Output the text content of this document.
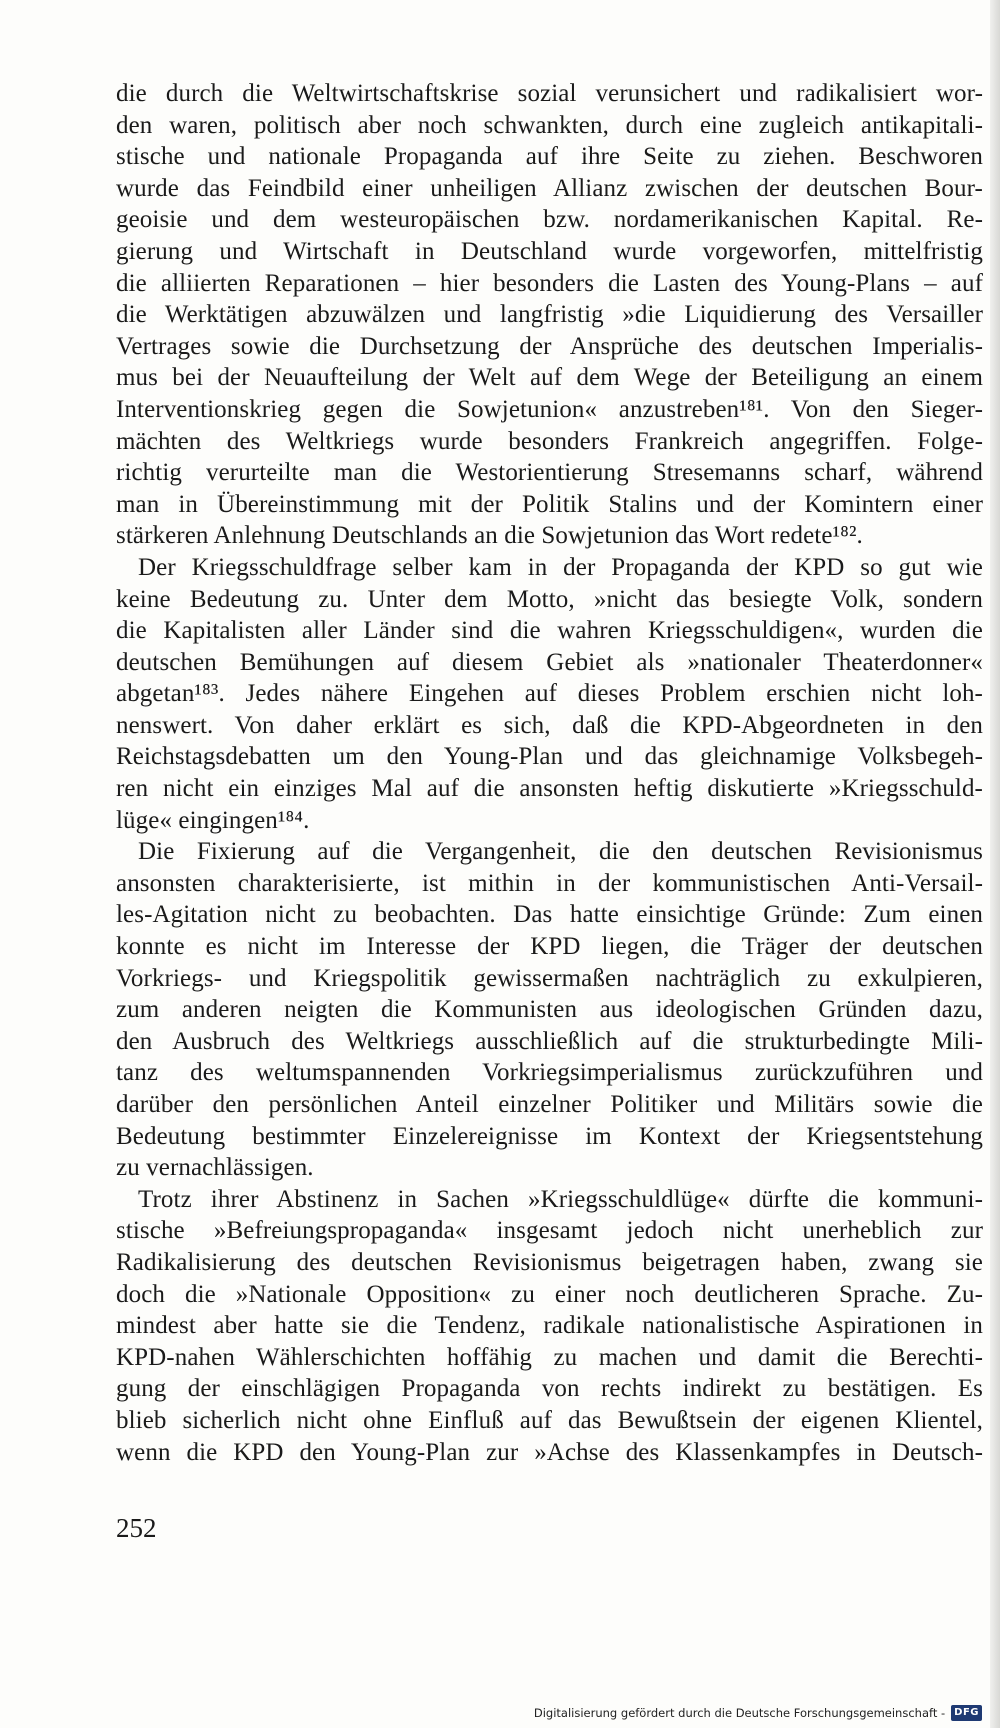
die durch die Weltwirtschaftskrise sozial verunsichert und radikalisiert wor-
den waren, politisch aber noch schwankten, durch eine zugleich antikapitali-
stische und nationale Propaganda auf ihre Seite zu ziehen. Beschworen
wurde das Feindbild einer unheiligen Allianz zwischen der deutschen Bour-
geoisie und dem westeuropäischen bzw. nordamerikanischen Kapital. Re-
gierung und Wirtschaft in Deutschland wurde vorgeworfen, mittelfristig
die alliierten Reparationen – hier besonders die Lasten des Young-Plans – auf
die Werktätigen abzuwälzen und langfristig »die Liquidierung des Versailler
Vertrages sowie die Durchsetzung der Ansprüche des deutschen Imperialis-
mus bei der Neuaufteilung der Welt auf dem Wege der Beteiligung an einem
Interventionskrieg gegen die Sowjetunion« anzustreben¹⁸¹. Von den Sieger-
mächten des Weltkriegs wurde besonders Frankreich angegriffen. Folge-
richtig verurteilte man die Westorientierung Stresemanns scharf, während
man in Übereinstimmung mit der Politik Stalins und der Komintern einer
stärkeren Anlehnung Deutschlands an die Sowjetunion das Wort redete¹⁸².
Der Kriegsschuldfrage selber kam in der Propaganda der KPD so gut wie
keine Bedeutung zu. Unter dem Motto, »nicht das besiegte Volk, sondern
die Kapitalisten aller Länder sind die wahren Kriegsschuldigen«, wurden die
deutschen Bemühungen auf diesem Gebiet als »nationaler Theaterdonner«
abgetan¹⁸³. Jedes nähere Eingehen auf dieses Problem erschien nicht loh-
nenswert. Von daher erklärt es sich, daß die KPD-Abgeordneten in den
Reichstagsdebatten um den Young-Plan und das gleichnamige Volksbegeh-
ren nicht ein einziges Mal auf die ansonsten heftig diskutierte »Kriegsschuld-
lüge« eingingen¹⁸⁴.
Die Fixierung auf die Vergangenheit, die den deutschen Revisionismus
ansonsten charakterisierte, ist mithin in der kommunistischen Anti-Versail-
les-Agitation nicht zu beobachten. Das hatte einsichtige Gründe: Zum einen
konnte es nicht im Interesse der KPD liegen, die Träger der deutschen
Vorkriegs- und Kriegspolitik gewissermaßen nachträglich zu exkulpieren,
zum anderen neigten die Kommunisten aus ideologischen Gründen dazu,
den Ausbruch des Weltkriegs ausschließlich auf die strukturbedingte Mili-
tanz des weltumspannenden Vorkriegsimperialismus zurückzuführen und
darüber den persönlichen Anteil einzelner Politiker und Militärs sowie die
Bedeutung bestimmter Einzelereignisse im Kontext der Kriegsentstehung
zu vernachlässigen.
Trotz ihrer Abstinenz in Sachen »Kriegsschuldlüge« dürfte die kommuni-
stische »Befreiungspropaganda« insgesamt jedoch nicht unerheblich zur
Radikalisierung des deutschen Revisionismus beigetragen haben, zwang sie
doch die »Nationale Opposition« zu einer noch deutlicheren Sprache. Zu-
mindest aber hatte sie die Tendenz, radikale nationalistische Aspirationen in
KPD-nahen Wählerschichten hoffähig zu machen und damit die Berechti-
gung der einschlägigen Propaganda von rechts indirekt zu bestätigen. Es
blieb sicherlich nicht ohne Einfluß auf das Bewußtsein der eigenen Klientel,
wenn die KPD den Young-Plan zur »Achse des Klassenkampfes in Deutsch-
252
Digitalisierung gefördert durch die Deutsche Forschungsgemeinschaft - DFG
